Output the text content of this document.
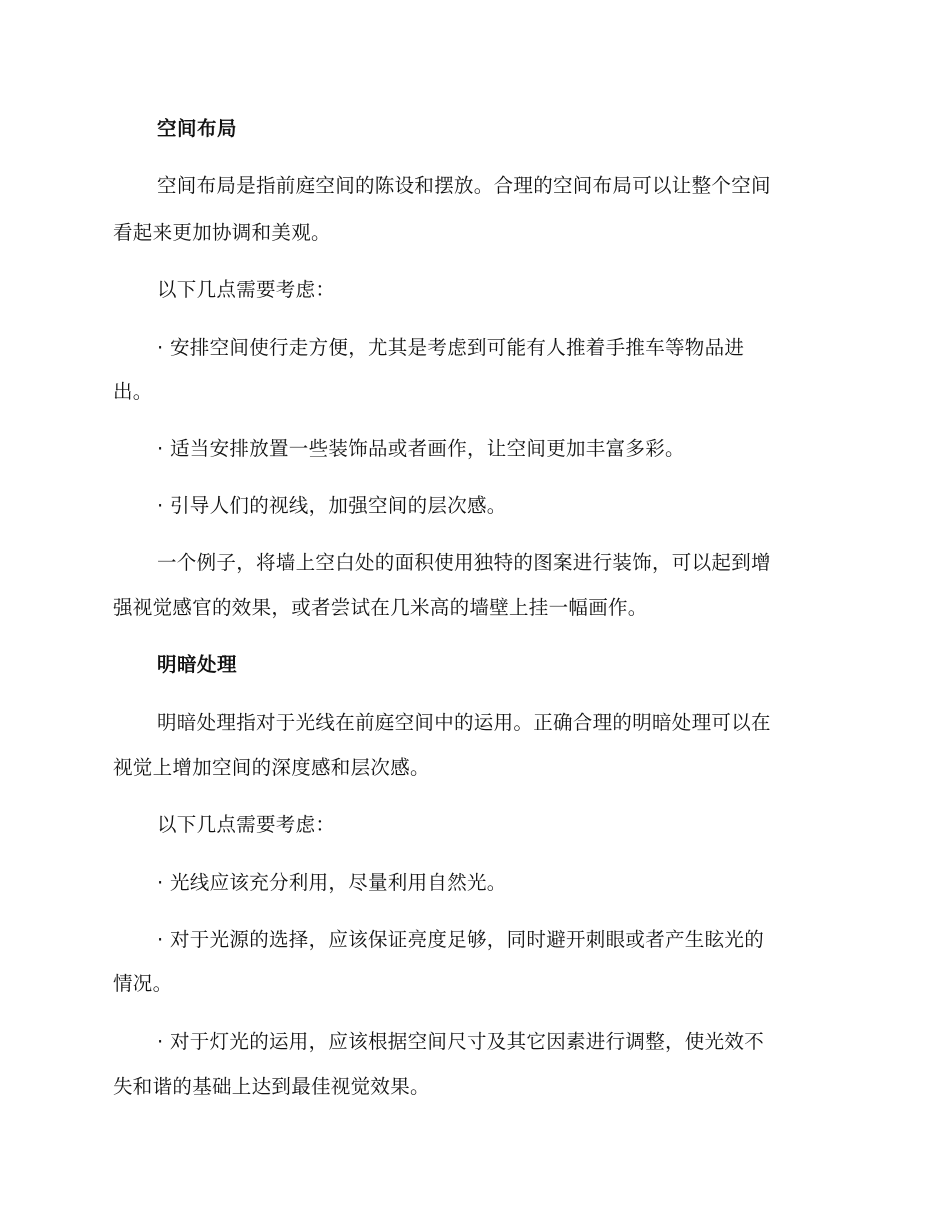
空间布局
空间布局是指前庭空间的陈设和摆放。合理的空间布局可以让整个空间
看起来更加协调和美观。
以下几点需要考虑：
· 安排空间使行走方便，尤其是考虑到可能有人推着手推车等物品进
出。
· 适当安排放置一些装饰品或者画作，让空间更加丰富多彩。
· 引导人们的视线，加强空间的层次感。
一个例子，将墙上空白处的面积使用独特的图案进行装饰，可以起到增
强视觉感官的效果，或者尝试在几米高的墙壁上挂一幅画作。
明暗处理
明暗处理指对于光线在前庭空间中的运用。正确合理的明暗处理可以在
视觉上增加空间的深度感和层次感。
以下几点需要考虑：
· 光线应该充分利用，尽量利用自然光。
· 对于光源的选择，应该保证亮度足够，同时避开刺眼或者产生眩光的
情况。
· 对于灯光的运用，应该根据空间尺寸及其它因素进行调整，使光效不
失和谐的基础上达到最佳视觉效果。
